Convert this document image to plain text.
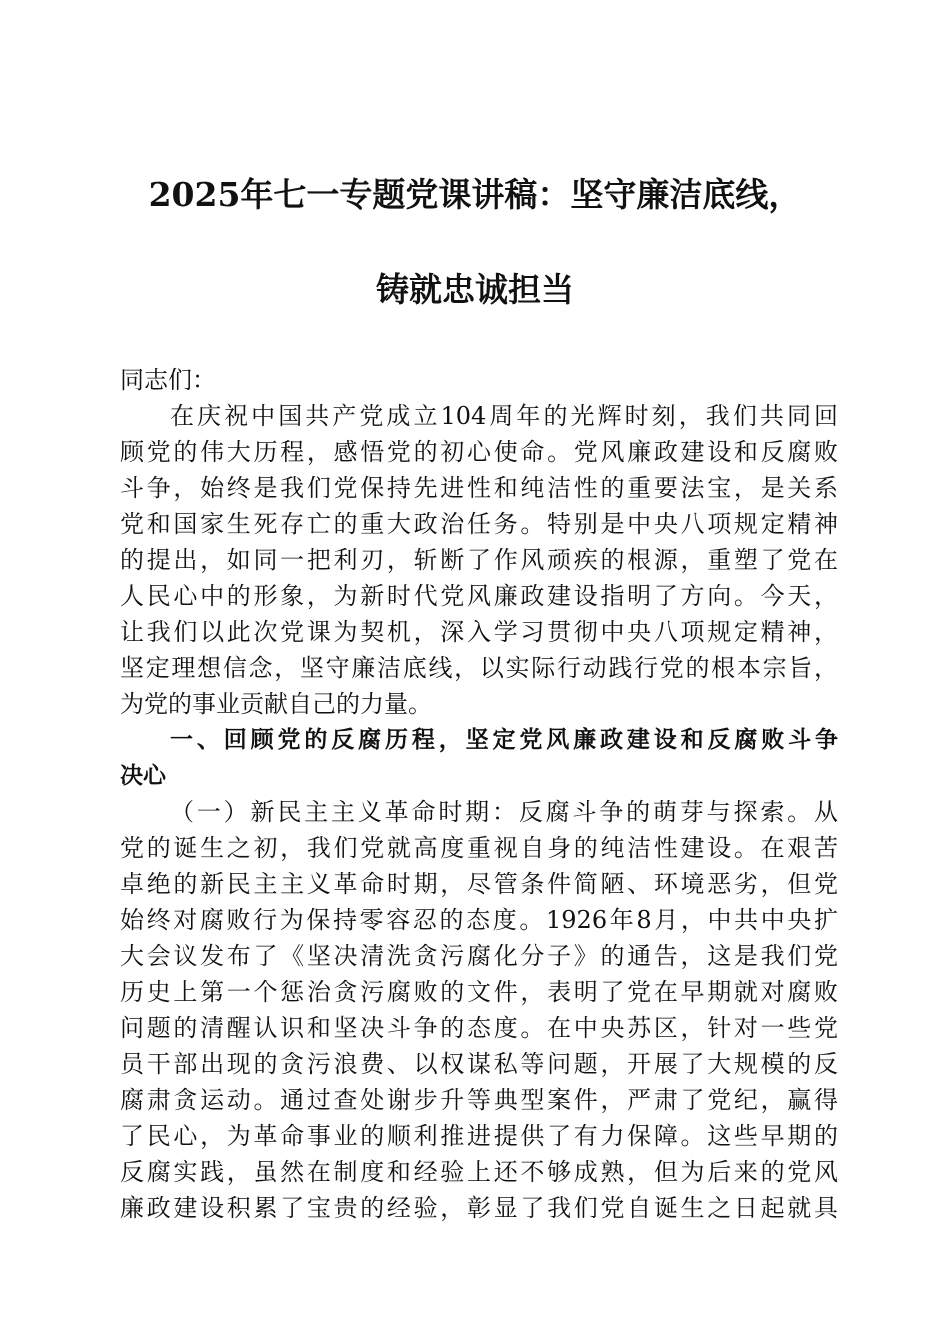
2025年七一专题党课讲稿：坚守廉洁底线，
铸就忠诚担当
同志们：
在庆祝中国共产党成立104周年的光辉时刻，我们共同回
顾党的伟大历程，感悟党的初心使命。党风廉政建设和反腐败
斗争，始终是我们党保持先进性和纯洁性的重要法宝，是关系
党和国家生死存亡的重大政治任务。特别是中央八项规定精神
的提出，如同一把利刃，斩断了作风顽疾的根源，重塑了党在
人民心中的形象，为新时代党风廉政建设指明了方向。今天，
让我们以此次党课为契机，深入学习贯彻中央八项规定精神，
坚定理想信念，坚守廉洁底线，以实际行动践行党的根本宗旨，
为党的事业贡献自己的力量。
一、回顾党的反腐历程，坚定党风廉政建设和反腐败斗争
决心
（一）新民主主义革命时期：反腐斗争的萌芽与探索。从
党的诞生之初，我们党就高度重视自身的纯洁性建设。在艰苦
卓绝的新民主主义革命时期，尽管条件简陋、环境恶劣，但党
始终对腐败行为保持零容忍的态度。1926年8月，中共中央扩
大会议发布了《坚决清洗贪污腐化分子》的通告，这是我们党
历史上第一个惩治贪污腐败的文件，表明了党在早期就对腐败
问题的清醒认识和坚决斗争的态度。在中央苏区，针对一些党
员干部出现的贪污浪费、以权谋私等问题，开展了大规模的反
腐肃贪运动。通过查处谢步升等典型案件，严肃了党纪，赢得
了民心，为革命事业的顺利推进提供了有力保障。这些早期的
反腐实践，虽然在制度和经验上还不够成熟，但为后来的党风
廉政建设积累了宝贵的经验，彰显了我们党自诞生之日起就具
